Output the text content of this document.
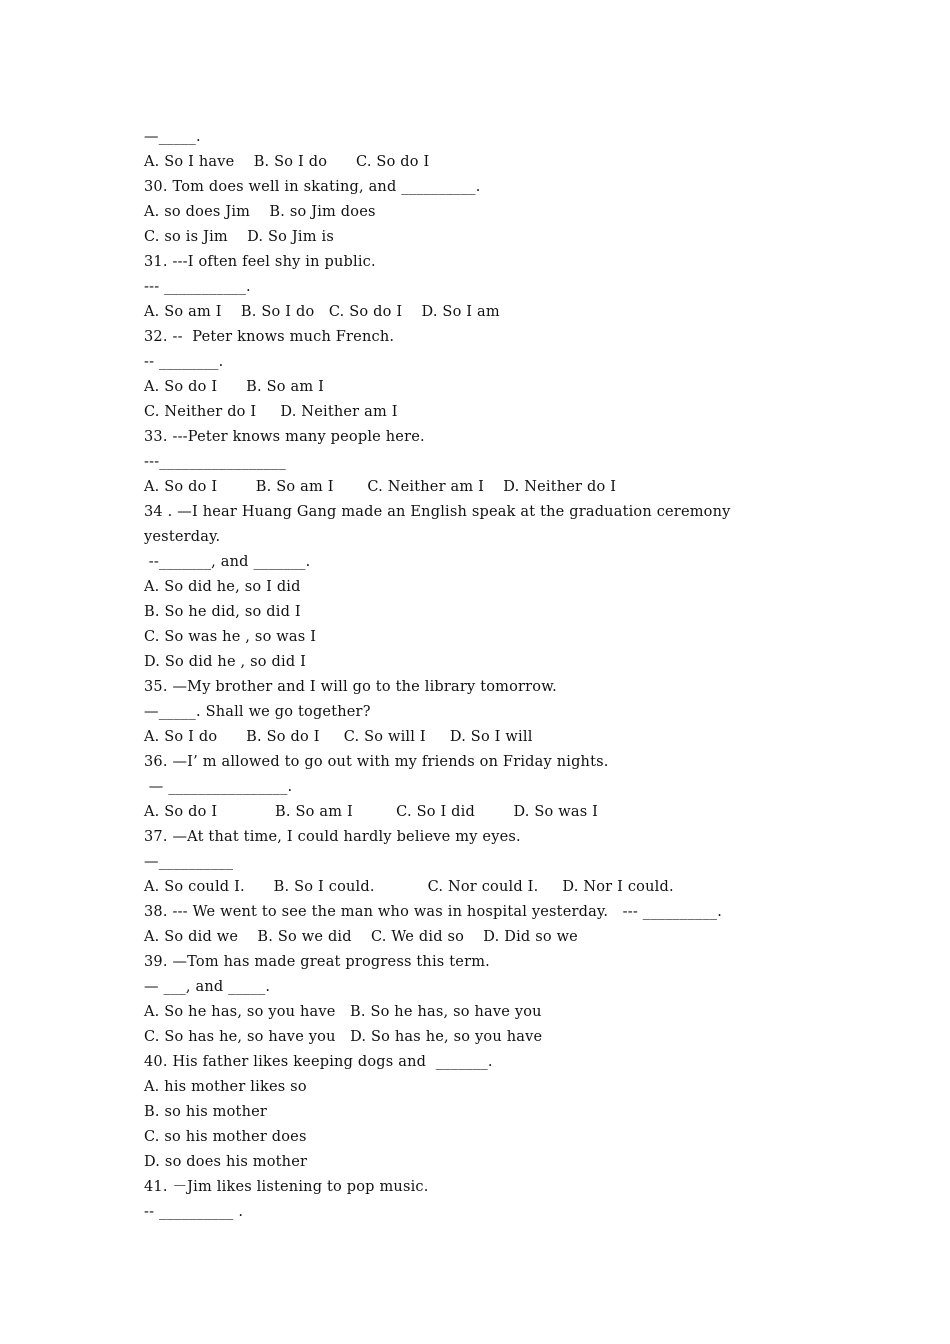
—_____.
A. So I have    B. So I do      C. So do I
30. Tom does well in skating, and __________.
A. so does Jim    B. so Jim does
C. so is Jim    D. So Jim is
31. ---I often feel shy in public.
--- ___________.
A. So am I    B. So I do   C. So do I    D. So I am
32. --  Peter knows much French.
-- ________.
A. So do I      B. So am I
C. Neither do I     D. Neither am I
33. ---Peter knows many people here.
---_________________
A. So do I        B. So am I       C. Neither am I    D. Neither do I
34 . —I hear Huang Gang made an English speak at the graduation ceremony
yesterday.
--_______, and _______.
A. So did he, so I did
B. So he did, so did I
C. So was he , so was I
D. So did he , so did I
35. —My brother and I will go to the library tomorrow.
—_____. Shall we go together?
A. So I do      B. So do I     C. So will I     D. So I will
36. —I’ m allowed to go out with my friends on Friday nights.
— ________________.
A. So do I            B. So am I         C. So I did        D. So was I
37. —At that time, I could hardly believe my eyes.
—__________
A. So could I.      B. So I could.           C. Nor could I.     D. Nor I could.
38. --- We went to see the man who was in hospital yesterday.   --- __________.
A. So did we    B. So we did    C. We did so    D. Did so we
39. —Tom has made great progress this term.
— ___, and _____.
A. So he has, so you have   B. So he has, so have you
C. So has he, so have you   D. So has he, so you have
40. His father likes keeping dogs and  _______.
A. his mother likes so
B. so his mother
C. so his mother does
D. so does his mother
41. －Jim likes listening to pop music.
-- __________ .
